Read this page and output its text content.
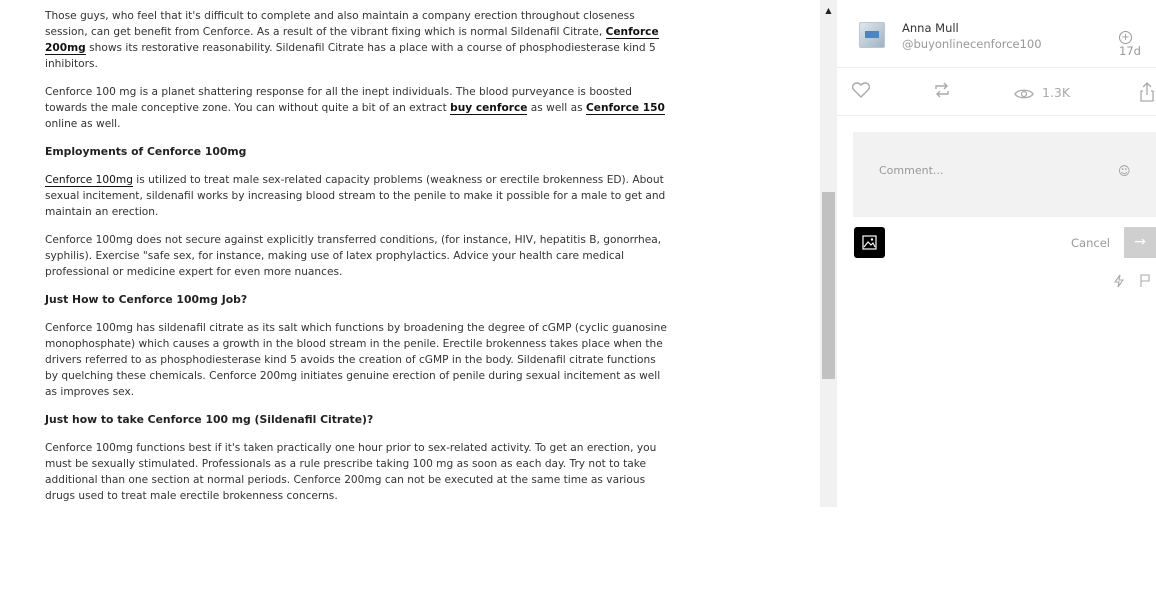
Those guys, who feel that it's difficult to complete and also maintain a company erection throughout closeness session, can get benefit from Cenforce. As a result of the vibrant fixing which is normal Sildenafil Citrate, Cenforce 200mg shows its restorative reasonability. Sildenafil Citrate has a place with a course of phosphodiesterase kind 5 inhibitors.

Cenforce 100 mg is a planet shattering response for all the inept individuals. The blood purveyance is boosted towards the male conceptive zone. You can without quite a bit of an extract buy cenforce as well as Cenforce 150 online as well.

Employments of Cenforce 100mg

Cenforce 100mg is utilized to treat male sex-related capacity problems (weakness or erectile brokenness ED). About sexual incitement, sildenafil works by increasing blood stream to the penile to make it possible for a male to get and maintain an erection.

Cenforce 100mg does not secure against explicitly transferred conditions, (for instance, HIV, hepatitis B, gonorrhea, syphilis). Exercise "safe sex, for instance, making use of latex prophylactics. Advice your health care medical professional or medicine expert for even more nuances.

Just How to Cenforce 100mg Job?

Cenforce 100mg has sildenafil citrate as its salt which functions by broadening the degree of cGMP (cyclic guanosine monophosphate) which causes a growth in the blood stream in the penile. Erectile brokenness takes place when the drivers referred to as phosphodiesterase kind 5 avoids the creation of cGMP in the body. Sildenafil citrate functions by quelching these chemicals. Cenforce 200mg initiates genuine erection of penile during sexual incitement as well as improves sex.

Just how to take Cenforce 100 mg (Sildenafil Citrate)?

Cenforce 100mg functions best if it's taken practically one hour prior to sex-related activity. To get an erection, you must be sexually stimulated. Professionals as a rule prescribe taking 100 mg as soon as each day. Try not to take additional than one section at normal periods. Cenforce 200mg can not be executed at the same time as various drugs used to treat male erectile brokenness concerns.

▲
Anna Mull
@buyonlinecenforce100	+17d
1.3K
Comment...	☺
Cancel	→
